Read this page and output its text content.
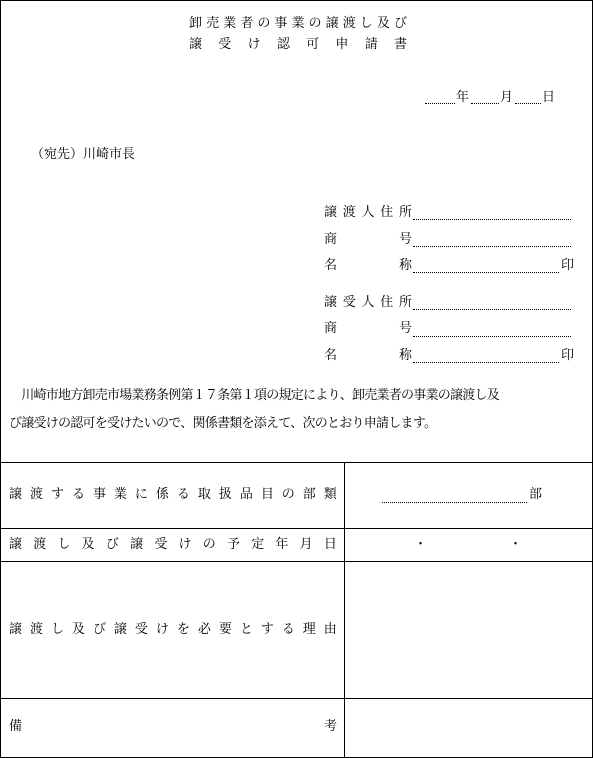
卸 売 業 者 の 事 業 の 譲 渡 し 及 び
譲 受 け 認 可 申 請 書
年 月 日
（宛先）川崎市長
譲 渡 人 住 所
商	号
名	称	印
譲 受 人 住 所
商	号
名	称	印
　川崎市地方卸売市場業務条例第１７条第１項の規定により、卸売業者の事業の譲渡し及
び譲受けの認可を受けたいので、関係書類を添えて、次のとおり申請します。
譲 渡 す る 事 業 に 係 る 取 扱 品 目 の 部 類	部
譲 渡 し 及 び 譲 受 け の 予 定 年 月 日	・	・
譲 渡 し 及 び 譲 受 け を 必 要 と す る 理 由
備	考
